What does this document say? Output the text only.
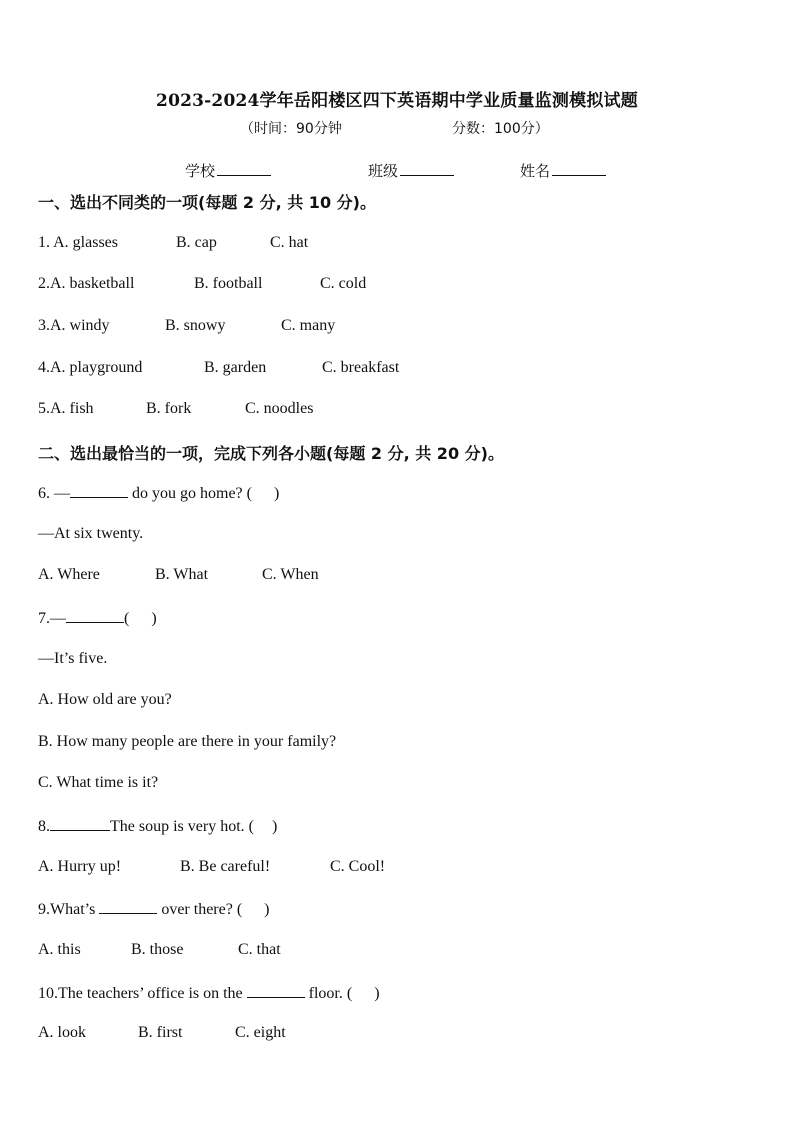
2023-2024学年岳阳楼区四下英语期中学业质量监测模拟试题
（时间：90分钟	分数：100分）
学校	班级	姓名
一、选出不同类的一项(每题 2 分, 共 10 分)。
1. A. glasses	B. cap	C. hat
2.A. basketball	B. football	C. cold
3.A. windy	B. snowy	C. many
4.A. playground	B. garden	C. breakfast
5.A. fish	B. fork	C. noodles
二、选出最恰当的一项，完成下列各小题(每题 2 分, 共 20 分)。
6. —	do you go home? ( )
—At six twenty.
A. Where	B. What	C. When
7.—	( )
—It’s five.
A. How old are you?
B. How many people are there in your family?
C. What time is it?
8.	The soup is very hot. ( )
A. Hurry up!	B. Be careful!	C. Cool!
9.What’s	over there? ( )
A. this	B. those	C. that
10.The teachers’ office is on the	floor. ( )
A. look	B. first	C. eight
